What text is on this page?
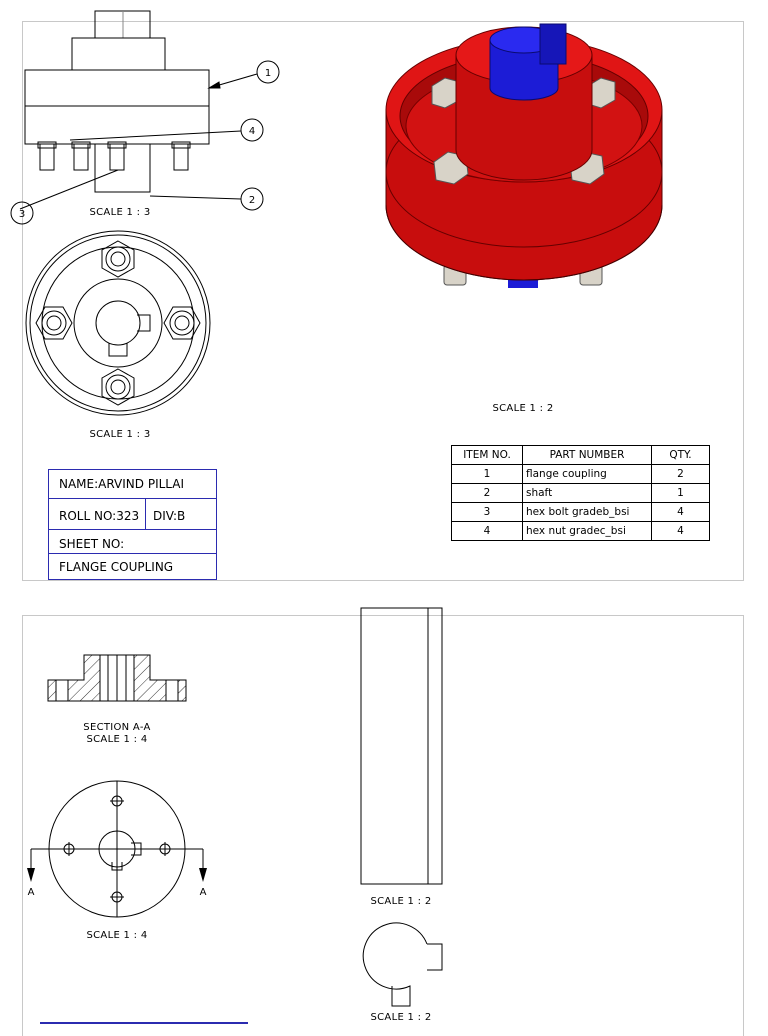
1
4
3
2
SCALE 1 : 3
SCALE 1 : 3
SCALE 1 : 2
NAME:ARVIND PILLAI
ROLL NO:323 DIV:B
SHEET NO:
FLANGE COUPLING
ITEM NO.	PART NUMBER	QTY.
1	flange coupling	2
2	shaft	1
3	hex bolt gradeb_bsi	4
4	hex nut gradec_bsi	4
SECTION A-A
SCALE 1 : 4
A	A
SCALE 1 : 4
SCALE 1 : 2
SCALE 1 : 2
